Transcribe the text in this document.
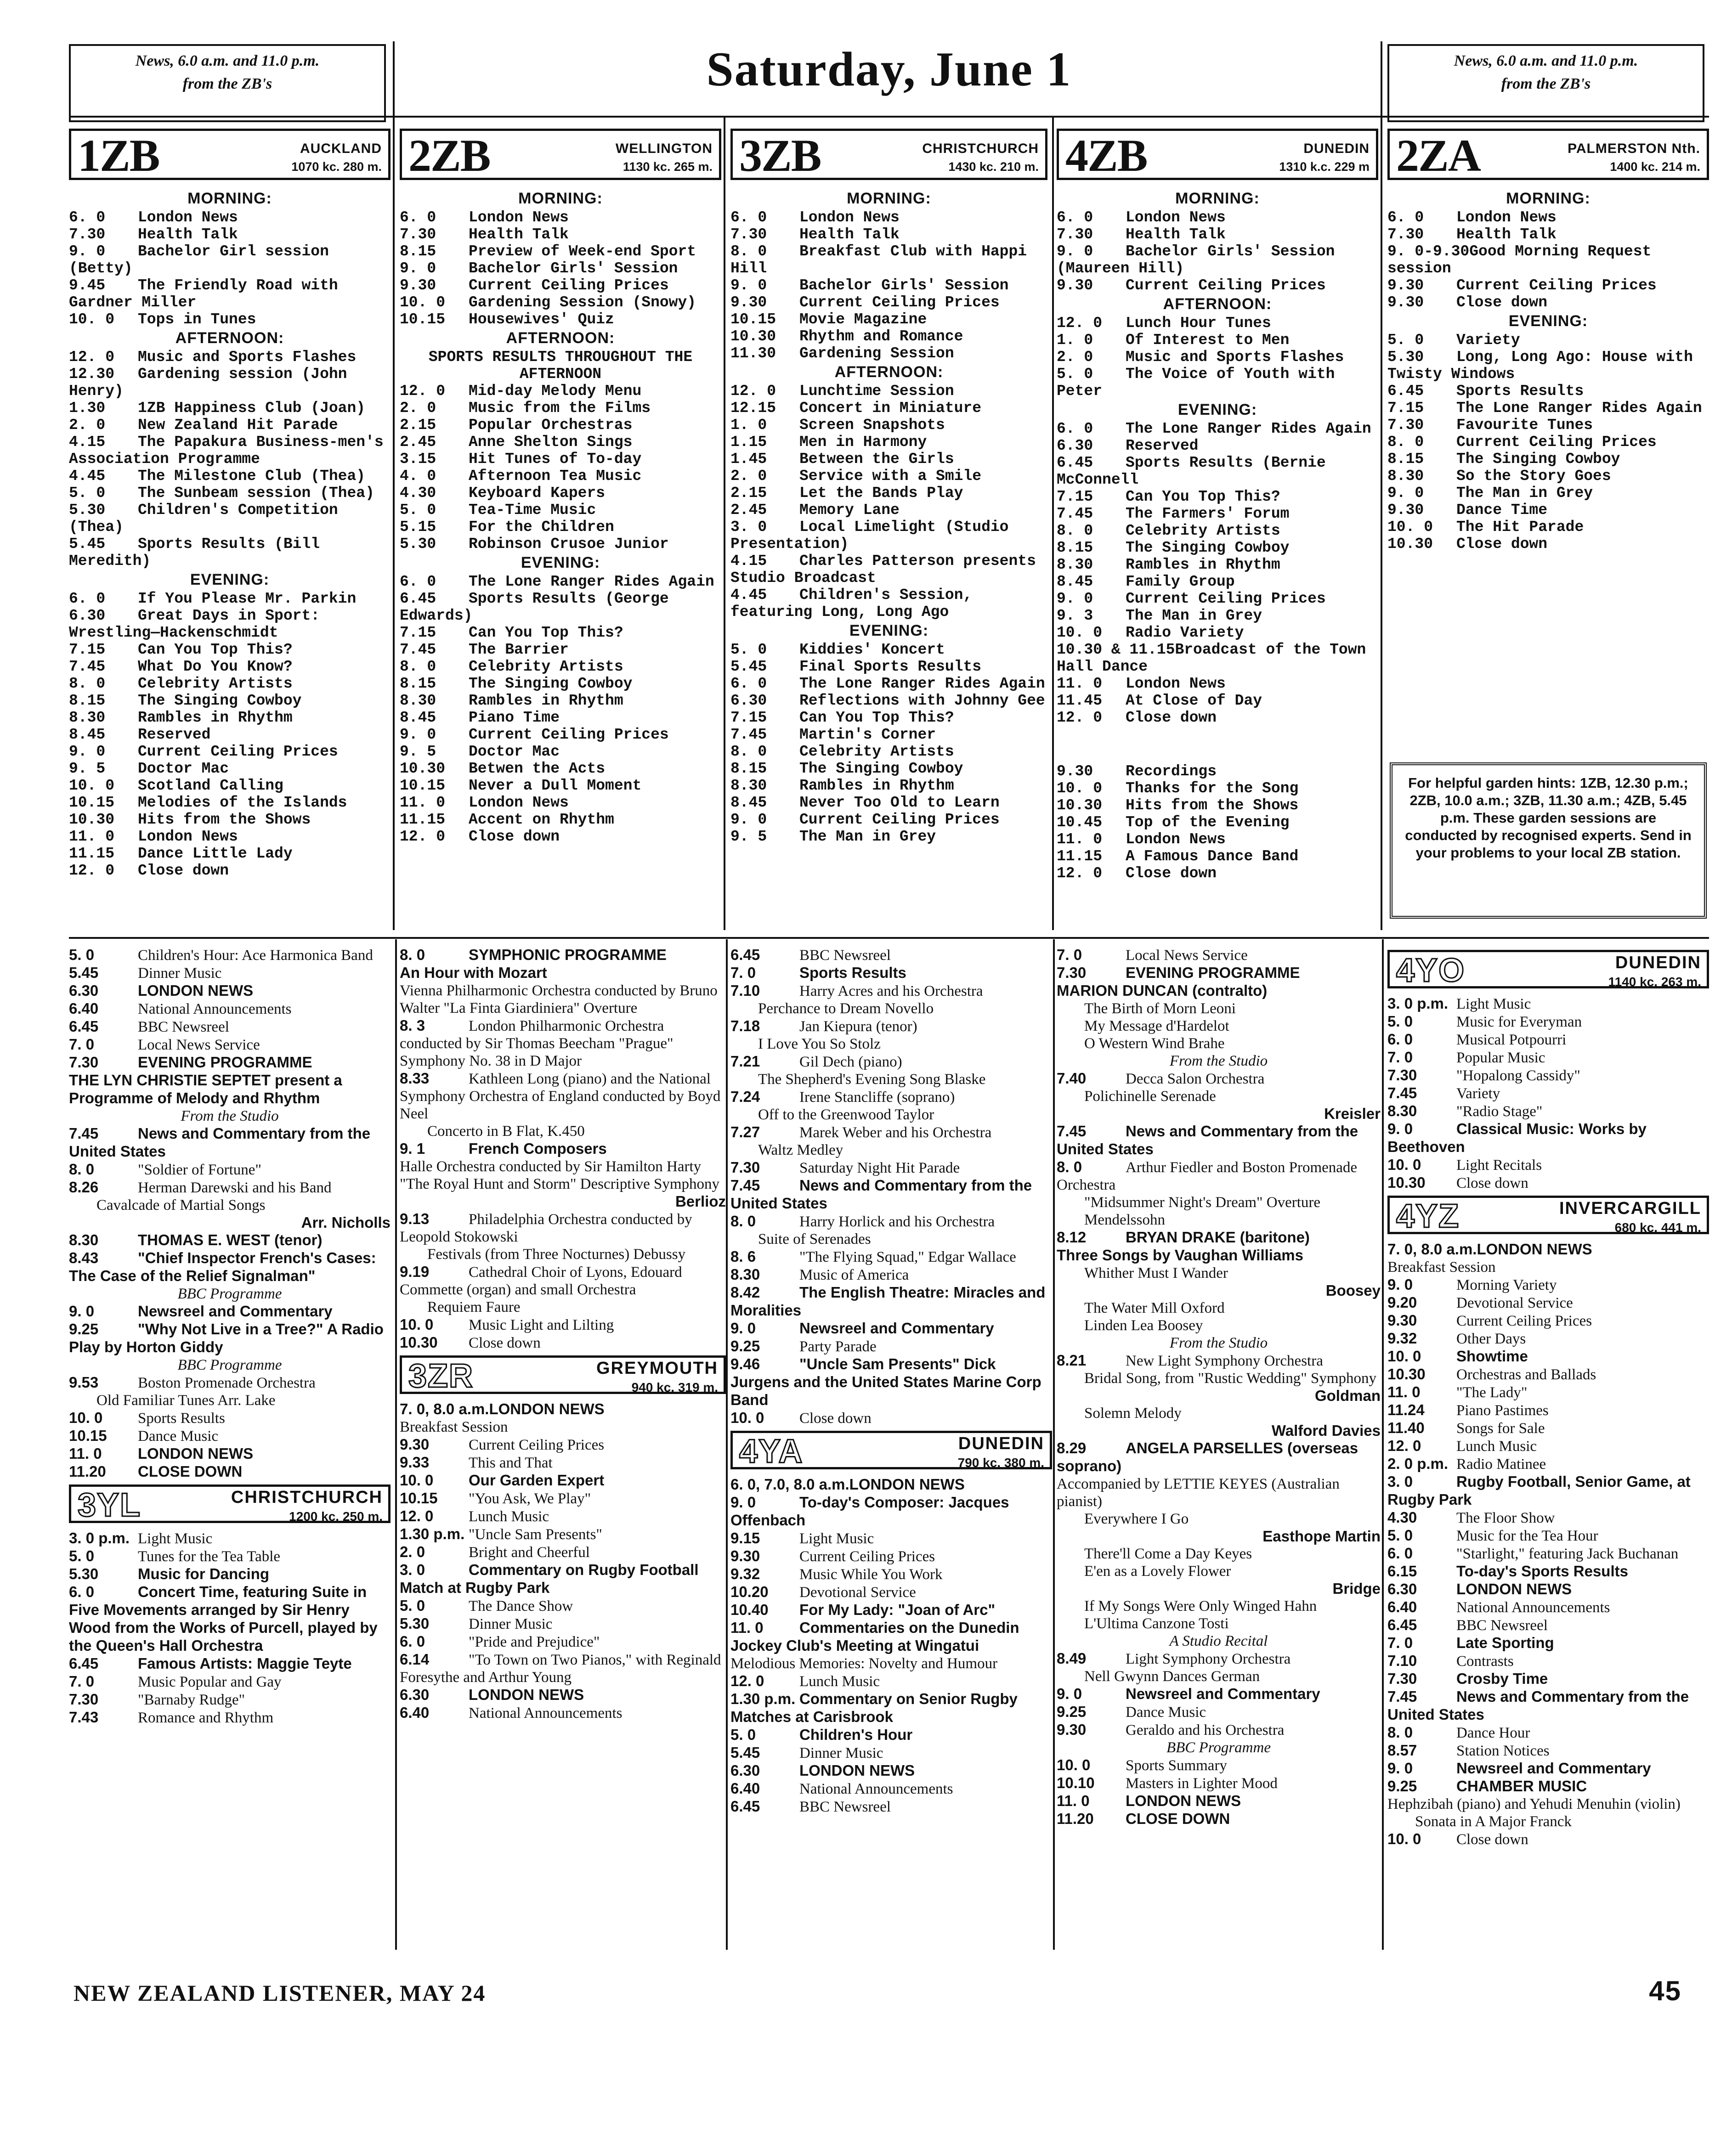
News, 6.0 a.m. and 11.0 p.m.
from the ZB's	Saturday, June 1	News, 6.0 a.m. and 11.0 p.m.
from the ZB's
1ZB	AUCKLAND
1070 kc. 280 m.
MORNING:
6. 0 London News
7.30 Health Talk
9. 0 Bachelor Girl session (Betty)
9.45 The Friendly Road with Gardner Miller
10. 0 Tops in Tunes
AFTERNOON:
12. 0 Music and Sports Flashes
12.30 Gardening session (John Henry)
1.30 1ZB Happiness Club (Joan)
2. 0 New Zealand Hit Parade
4.15 The Papakura Business-men's Association Programme
4.45 The Milestone Club (Thea)
5. 0 The Sunbeam session (Thea)
5.30 Children's Competition (Thea)
5.45 Sports Results (Bill Meredith)
EVENING:
6. 0 If You Please Mr. Parkin
6.30 Great Days in Sport: Wrestling—Hackenschmidt
7.15 Can You Top This?
7.45 What Do You Know?
8. 0 Celebrity Artists
8.15 The Singing Cowboy
8.30 Rambles in Rhythm
8.45 Reserved
9. 0 Current Ceiling Prices
9. 5 Doctor Mac
10. 0 Scotland Calling
10.15 Melodies of the Islands
10.30 Hits from the Shows
11. 0 London News
11.15 Dance Little Lady
12. 0 Close down
2ZB	WELLINGTON
1130 kc. 265 m.
MORNING:
6. 0 London News
7.30 Health Talk
8.15 Preview of Week-end Sport
9. 0 Bachelor Girls' Session
9.30 Current Ceiling Prices
10. 0 Gardening Session (Snowy)
10.15 Housewives' Quiz
AFTERNOON:
SPORTS RESULTS THROUGHOUT THE AFTERNOON
12. 0 Mid-day Melody Menu
2. 0 Music from the Films
2.15 Popular Orchestras
2.45 Anne Shelton Sings
3.15 Hit Tunes of To-day
4. 0 Afternoon Tea Music
4.30 Keyboard Kapers
5. 0 Tea-Time Music
5.15 For the Children
5.30 Robinson Crusoe Junior
EVENING:
6. 0 The Lone Ranger Rides Again
6.45 Sports Results (George Edwards)
7.15 Can You Top This?
7.45 The Barrier
8. 0 Celebrity Artists
8.15 The Singing Cowboy
8.30 Rambles in Rhythm
8.45 Piano Time
9. 0 Current Ceiling Prices
9. 5 Doctor Mac
10.30 Betwen the Acts
10.15 Never a Dull Moment
11. 0 London News
11.15 Accent on Rhythm
12. 0 Close down
3ZB	CHRISTCHURCH
1430 kc. 210 m.
MORNING:
6. 0 London News
7.30 Health Talk
8. 0 Breakfast Club with Happi Hill
9. 0 Bachelor Girls' Session
9.30 Current Ceiling Prices
10.15 Movie Magazine
10.30 Rhythm and Romance
11.30 Gardening Session
AFTERNOON:
12. 0 Lunchtime Session
12.15 Concert in Miniature
1. 0 Screen Snapshots
1.15 Men in Harmony
1.45 Between the Girls
2. 0 Service with a Smile
2.15 Let the Bands Play
2.45 Memory Lane
3. 0 Local Limelight (Studio Presentation)
4.15 Charles Patterson presents Studio Broadcast
4.45 Children's Session, featuring Long, Long Ago
EVENING:
5. 0 Kiddies' Koncert
5.45 Final Sports Results
6. 0 The Lone Ranger Rides Again
6.30 Reflections with Johnny Gee
7.15 Can You Top This?
7.45 Martin's Corner
8. 0 Celebrity Artists
8.15 The Singing Cowboy
8.30 Rambles in Rhythm
8.45 Never Too Old to Learn
9. 0 Current Ceiling Prices
9. 5 The Man in Grey
4ZB	DUNEDIN
1310 k.c. 229 m
MORNING:
6. 0 London News
7.30 Health Talk
9. 0 Bachelor Girls' Session (Maureen Hill)
9.30 Current Ceiling Prices
AFTERNOON:
12. 0 Lunch Hour Tunes
1. 0 Of Interest to Men
2. 0 Music and Sports Flashes
5. 0 The Voice of Youth with Peter
EVENING:
6. 0 The Lone Ranger Rides Again
6.30 Reserved
6.45 Sports Results (Bernie McConnell
7.15 Can You Top This?
7.45 The Farmers' Forum
8. 0 Celebrity Artists
8.15 The Singing Cowboy
8.30 Rambles in Rhythm
8.45 Family Group
9. 0 Current Ceiling Prices
9. 3 The Man in Grey
10. 0 Radio Variety
10.30 & 11.15Broadcast of the Town Hall Dance
11. 0 London News
11.45 At Close of Day
12. 0 Close down
9.30 Recordings
10. 0 Thanks for the Song
10.30 Hits from the Shows
10.45 Top of the Evening
11. 0 London News
11.15 A Famous Dance Band
12. 0 Close down
2ZA	PALMERSTON Nth.
1400 kc. 214 m.
MORNING:
6. 0 London News
7.30 Health Talk
9. 0-9.30Good Morning Request session
9.30 Current Ceiling Prices
9.30 Close down
EVENING:
5. 0 Variety
5.30 Long, Long Ago: House with Twisty Windows
6.45 Sports Results
7.15 The Lone Ranger Rides Again
7.30 Favourite Tunes
8. 0 Current Ceiling Prices
8.15 The Singing Cowboy
8.30 So the Story Goes
9. 0 The Man in Grey
9.30 Dance Time
10. 0 The Hit Parade
10.30 Close down
For helpful garden hints: 1ZB, 12.30 p.m.; 2ZB, 10.0 a.m.; 3ZB, 11.30 a.m.; 4ZB, 5.45 p.m. These garden sessions are conducted by recognised experts. Send in your problems to your local ZB station.
5. 0	Children's Hour: Ace Harmonica Band
5.45	Dinner Music
6.30	LONDON NEWS
6.40	National Announcements
6.45	BBC Newsreel
7. 0	Local News Service
7.30	EVENING PROGRAMME
THE LYN CHRISTIE SEPTET present a Programme of Melody and Rhythm
From the Studio
7.45	News and Commentary from the United States
8. 0	"Soldier of Fortune"
8.26	Herman Darewski and his Band
Cavalcade of Martial Songs
Arr. Nicholls
8.30	THOMAS E. WEST (tenor)
8.43	"Chief Inspector French's Cases: The Case of the Relief Signalman"
BBC Programme
9. 0	Newsreel and Commentary
9.25	"Why Not Live in a Tree?" A Radio Play by Horton Giddy
BBC Programme
9.53	Boston Promenade Orchestra
Old Familiar Tunes Arr. Lake
10. 0 Sports Results
10.15 Dance Music
11. 0 LONDON NEWS
11.20 CLOSE DOWN
3YL	CHRISTCHURCH
1200 kc. 250 m.
3. 0 p.m. Light Music
5. 0	Tunes for the Tea Table
5.30	Music for Dancing
6. 0	Concert Time, featuring Suite in Five Movements arranged by Sir Henry Wood from the Works of Purcell, played by the Queen's Hall Orchestra
6.45	Famous Artists: Maggie Teyte
7. 0	Music Popular and Gay
7.30	"Barnaby Rudge"
7.43	Romance and Rhythm
8. 0	SYMPHONIC PROGRAMME
An Hour with Mozart
Vienna Philharmonic Orchestra conducted by Bruno Walter "La Finta Giardiniera" Overture
8. 3	London Philharmonic Orchestra conducted by Sir Thomas Beecham "Prague" Symphony No. 38 in D Major
8.33	Kathleen Long (piano) and the National Symphony Orchestra of England conducted by Boyd Neel
Concerto in B Flat, K.450
9. 1	French Composers
Halle Orchestra conducted by Sir Hamilton Harty "The Royal Hunt and Storm" Descriptive Symphony
Berlioz
9.13	Philadelphia Orchestra conducted by Leopold Stokowski
Festivals (from Three Nocturnes) Debussy
9.19	Cathedral Choir of Lyons, Edouard Commette (organ) and small Orchestra
Requiem Faure
10. 0 Music Light and Lilting
10.30 Close down
3ZR	GREYMOUTH
940 kc. 319 m.
7. 0, 8.0 a.m.LONDON NEWS
Breakfast Session
9.30	Current Ceiling Prices
9.33	This and That
10. 0 Our Garden Expert
10.15 "You Ask, We Play"
12. 0 Lunch Music
1.30 p.m. "Uncle Sam Presents"
2. 0	Bright and Cheerful
3. 0	Commentary on Rugby Football Match at Rugby Park
5. 0	The Dance Show
5.30	Dinner Music
6. 0	"Pride and Prejudice"
6.14	"To Town on Two Pianos," with Reginald Foresythe and Arthur Young
6.30	LONDON NEWS
6.40	National Announcements
6.45	BBC Newsreel
7. 0	Sports Results
7.10	Harry Acres and his Orchestra
Perchance to Dream Novello
7.18	Jan Kiepura (tenor)
I Love You So Stolz
7.21	Gil Dech (piano)
The Shepherd's Evening Song Blaske
7.24	Irene Stancliffe (soprano)
Off to the Greenwood Taylor
7.27	Marek Weber and his Orchestra
Waltz Medley
7.30	Saturday Night Hit Parade
7.45	News and Commentary from the United States
8. 0	Harry Horlick and his Orchestra
Suite of Serenades
8. 6	"The Flying Squad," Edgar Wallace
8.30	Music of America
8.42	The English Theatre: Miracles and Moralities
9. 0	Newsreel and Commentary
9.25	Party Parade
9.46	"Uncle Sam Presents" Dick Jurgens and the United States Marine Corp Band
10. 0 Close down
4YA	DUNEDIN
790 kc. 380 m.
6. 0, 7.0, 8.0 a.m.LONDON NEWS
9. 0	To-day's Composer: Jacques Offenbach
9.15	Light Music
9.30	Current Ceiling Prices
9.32	Music While You Work
10.20 Devotional Service
10.40 For My Lady: "Joan of Arc"
11. 0 Commentaries on the Dunedin Jockey Club's Meeting at Wingatui
Melodious Memories: Novelty and Humour
12. 0 Lunch Music
1.30 p.m. Commentary on Senior Rugby Matches at Carisbrook
5. 0	Children's Hour
5.45	Dinner Music
6.30	LONDON NEWS
6.40	National Announcements
6.45	BBC Newsreel
7. 0	Local News Service
7.30	EVENING PROGRAMME
MARION DUNCAN (contralto)
The Birth of Morn Leoni
My Message d'Hardelot
O Western Wind Brahe
From the Studio
7.40	Decca Salon Orchestra
Polichinelle Serenade
Kreisler
7.45	News and Commentary from the United States
8. 0	Arthur Fiedler and Boston Promenade Orchestra
"Midsummer Night's Dream" Overture Mendelssohn
8.12	BRYAN DRAKE (baritone)
Three Songs by Vaughan Williams
Whither Must I Wander
Boosey
The Water Mill Oxford
Linden Lea Boosey
From the Studio
8.21	New Light Symphony Orchestra
Bridal Song, from "Rustic Wedding" Symphony
Goldman
Solemn Melody
Walford Davies
8.29	ANGELA PARSELLES (overseas soprano)
Accompanied by LETTIE KEYES (Australian pianist)
Everywhere I Go
Easthope Martin
There'll Come a Day Keyes
E'en as a Lovely Flower
Bridge
If My Songs Were Only Winged Hahn
L'Ultima Canzone Tosti
A Studio Recital
8.49	Light Symphony Orchestra
Nell Gwynn Dances German
9. 0	Newsreel and Commentary
9.25	Dance Music
9.30	Geraldo and his Orchestra
BBC Programme
10. 0 Sports Summary
10.10 Masters in Lighter Mood
11. 0 LONDON NEWS
11.20 CLOSE DOWN
4YO	DUNEDIN
1140 kc. 263 m.
3. 0 p.m. Light Music
5. 0	Music for Everyman
6. 0	Musical Potpourri
7. 0	Popular Music
7.30	"Hopalong Cassidy"
7.45	Variety
8.30	"Radio Stage"
9. 0	Classical Music: Works by Beethoven
10. 0 Light Recitals
10.30 Close down
4YZ	INVERCARGILL
680 kc. 441 m.
7. 0, 8.0 a.m.LONDON NEWS
Breakfast Session
9. 0	Morning Variety
9.20	Devotional Service
9.30	Current Ceiling Prices
9.32	Other Days
10. 0 Showtime
10.30 Orchestras and Ballads
11. 0 "The Lady"
11.24 Piano Pastimes
11.40 Songs for Sale
12. 0 Lunch Music
2. 0 p.m. Radio Matinee
3. 0	Rugby Football, Senior Game, at Rugby Park
4.30	The Floor Show
5. 0	Music for the Tea Hour
6. 0	"Starlight," featuring Jack Buchanan
6.15	To-day's Sports Results
6.30	LONDON NEWS
6.40	National Announcements
6.45	BBC Newsreel
7. 0	Late Sporting
7.10	Contrasts
7.30	Crosby Time
7.45	News and Commentary from the United States
8. 0	Dance Hour
8.57	Station Notices
9. 0	Newsreel and Commentary
9.25	CHAMBER MUSIC
Hephzibah (piano) and Yehudi Menuhin (violin)
Sonata in A Major Franck
10. 0 Close down
NEW ZEALAND LISTENER, MAY 24	45
